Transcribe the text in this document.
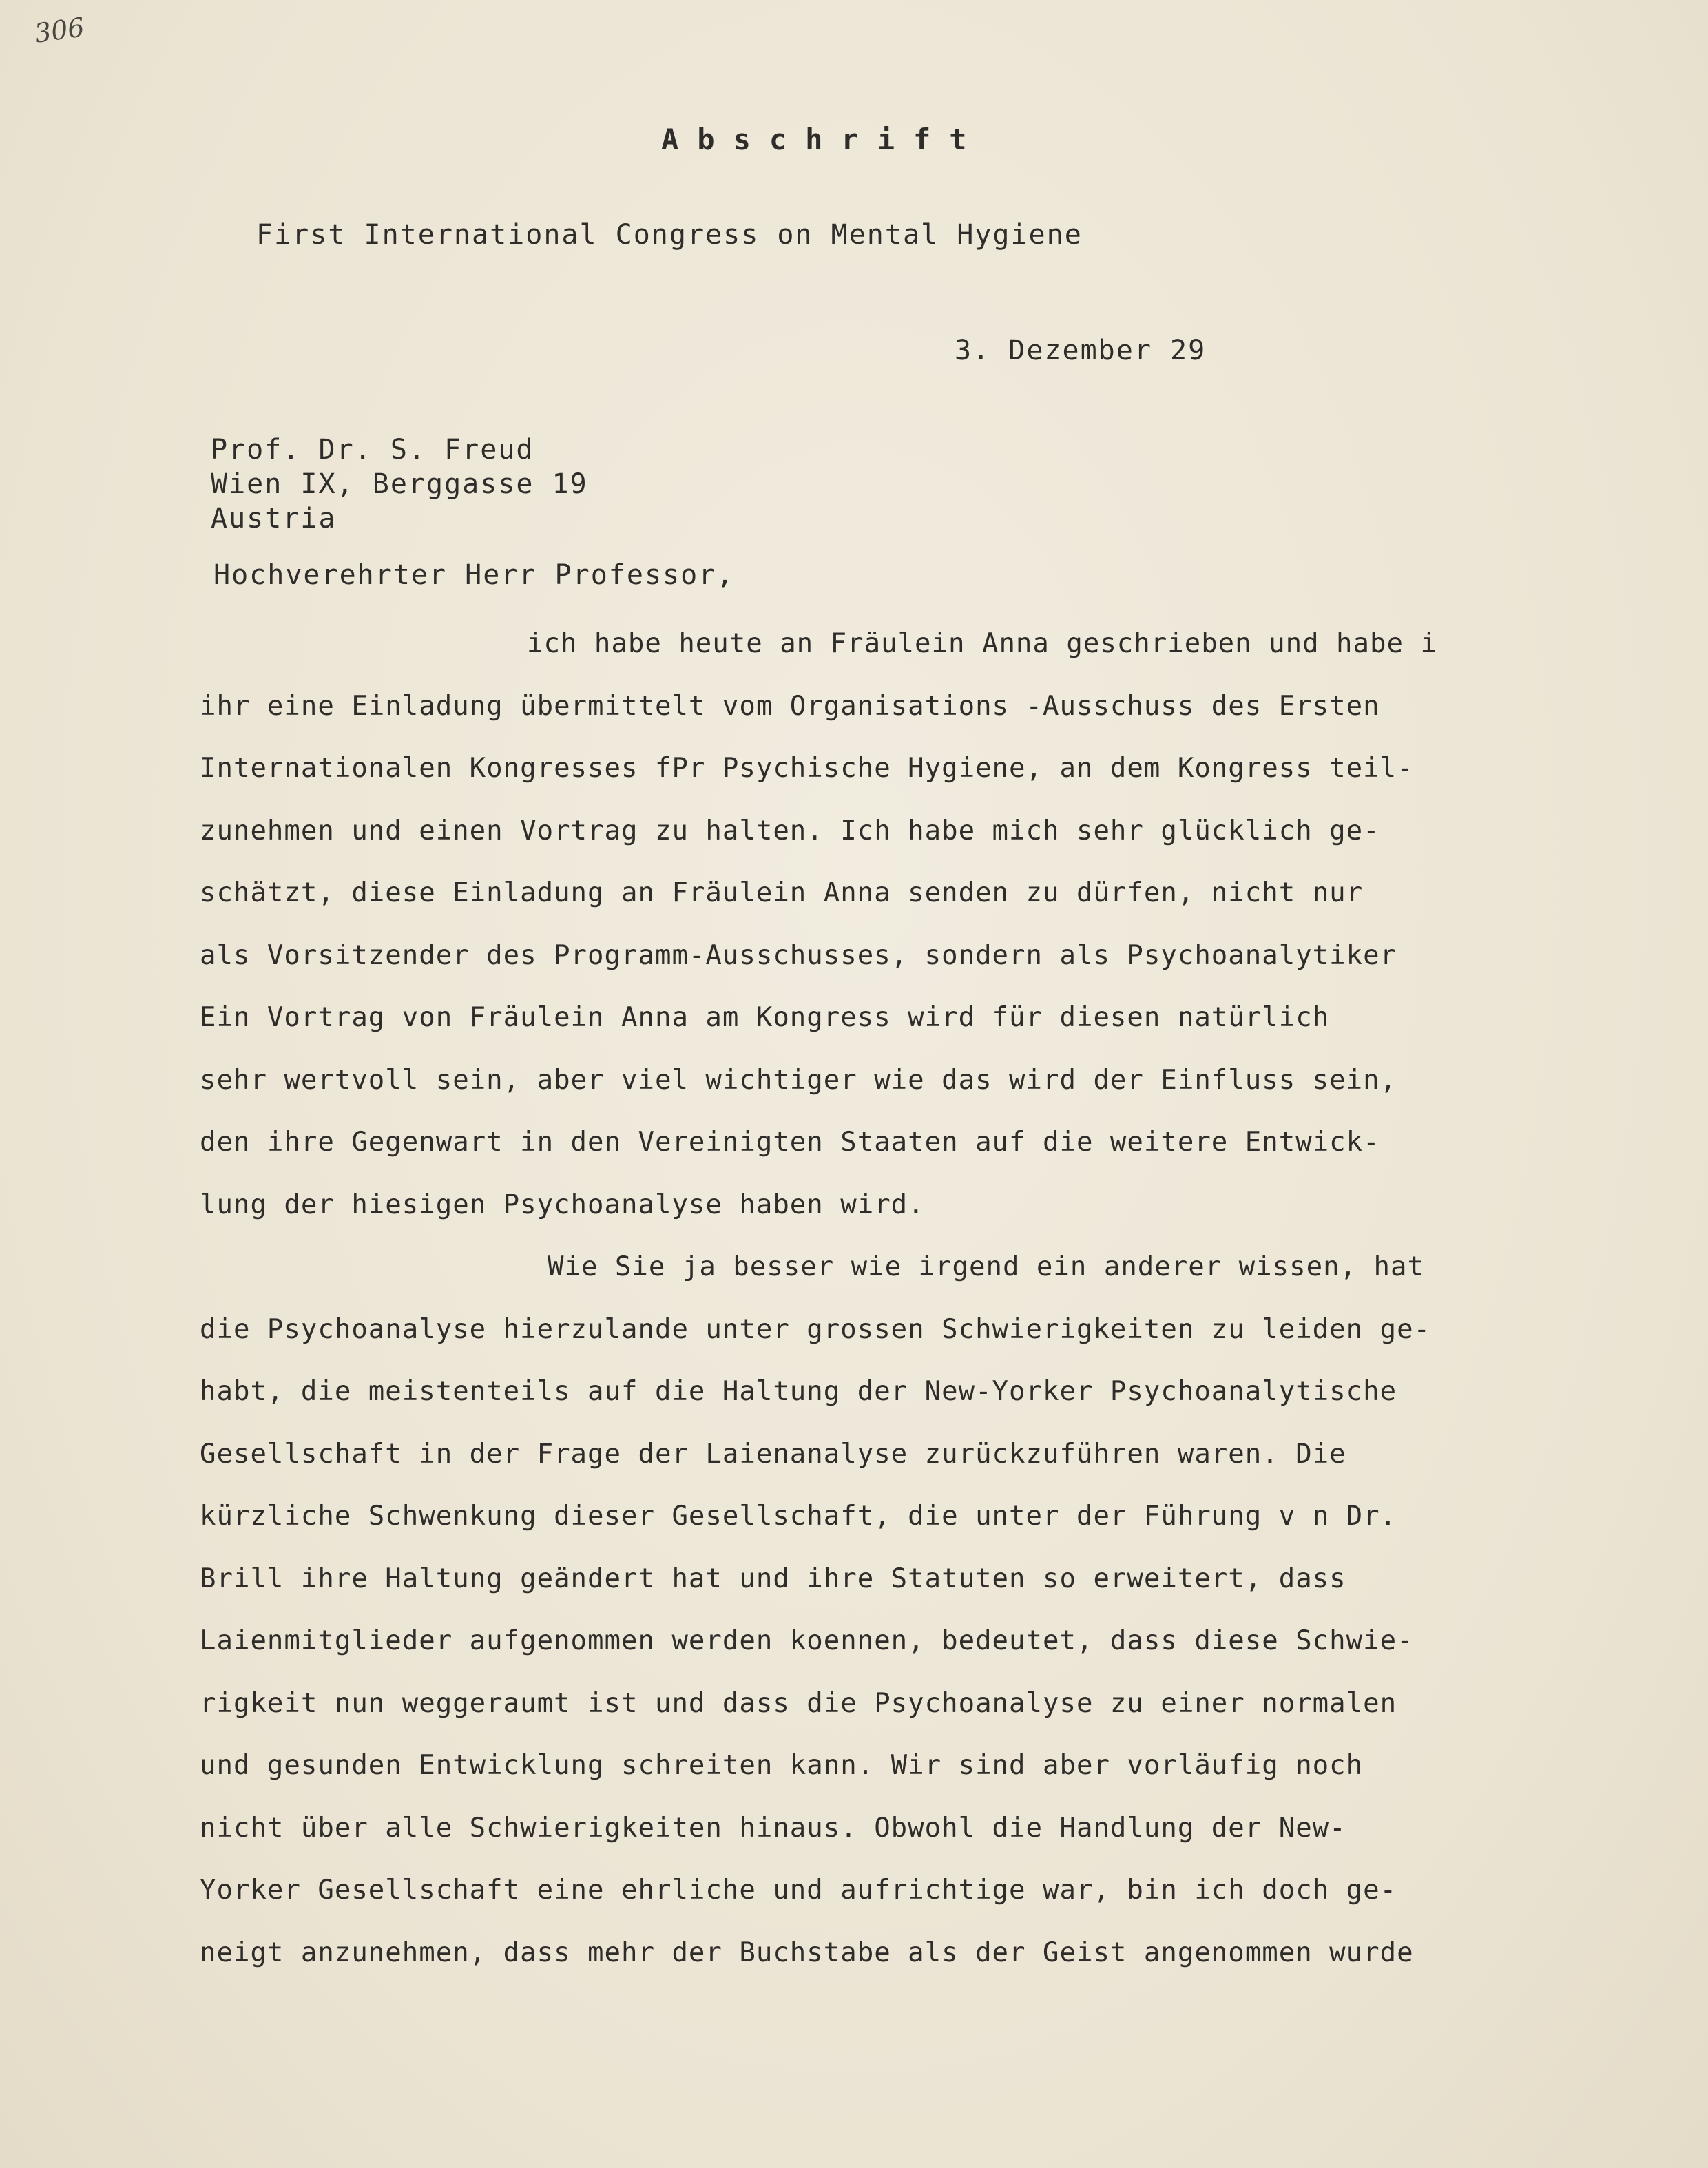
306
Abschrift
First International Congress on Mental Hygiene
3. Dezember 29
Prof. Dr. S. Freud
Wien IX, Berggasse 19
Austria
Hochverehrter Herr Professor,
ich habe heute an Fräulein Anna geschrieben und habe i
ihr eine Einladung übermittelt vom Organisations -Ausschuss des Ersten
Internationalen Kongresses fPr Psychische Hygiene, an dem Kongress teil-
zunehmen und einen Vortrag zu halten. Ich habe mich sehr glücklich ge-
schätzt, diese Einladung an Fräulein Anna senden zu dürfen, nicht nur
als Vorsitzender des Programm-Ausschusses, sondern als Psychoanalytiker
Ein Vortrag von Fräulein Anna am Kongress wird für diesen natürlich
sehr wertvoll sein, aber viel wichtiger wie das wird der Einfluss sein,
den ihre Gegenwart in den Vereinigten Staaten auf die weitere Entwick-
lung der hiesigen Psychoanalyse haben wird.
Wie Sie ja besser wie irgend ein anderer wissen, hat
die Psychoanalyse hierzulande unter grossen Schwierigkeiten zu leiden ge-
habt, die meistenteils auf die Haltung der New-Yorker Psychoanalytische
Gesellschaft in der Frage der Laienanalyse zurückzuführen waren. Die
kürzliche Schwenkung dieser Gesellschaft, die unter der Führung v n Dr.
Brill ihre Haltung geändert hat und ihre Statuten so erweitert, dass
Laienmitglieder aufgenommen werden koennen, bedeutet, dass diese Schwie-
rigkeit nun weggeraumt ist und dass die Psychoanalyse zu einer normalen
und gesunden Entwicklung schreiten kann. Wir sind aber vorläufig noch
nicht über alle Schwierigkeiten hinaus. Obwohl die Handlung der New-
Yorker Gesellschaft eine ehrliche und aufrichtige war, bin ich doch ge-
neigt anzunehmen, dass mehr der Buchstabe als der Geist angenommen wurde
